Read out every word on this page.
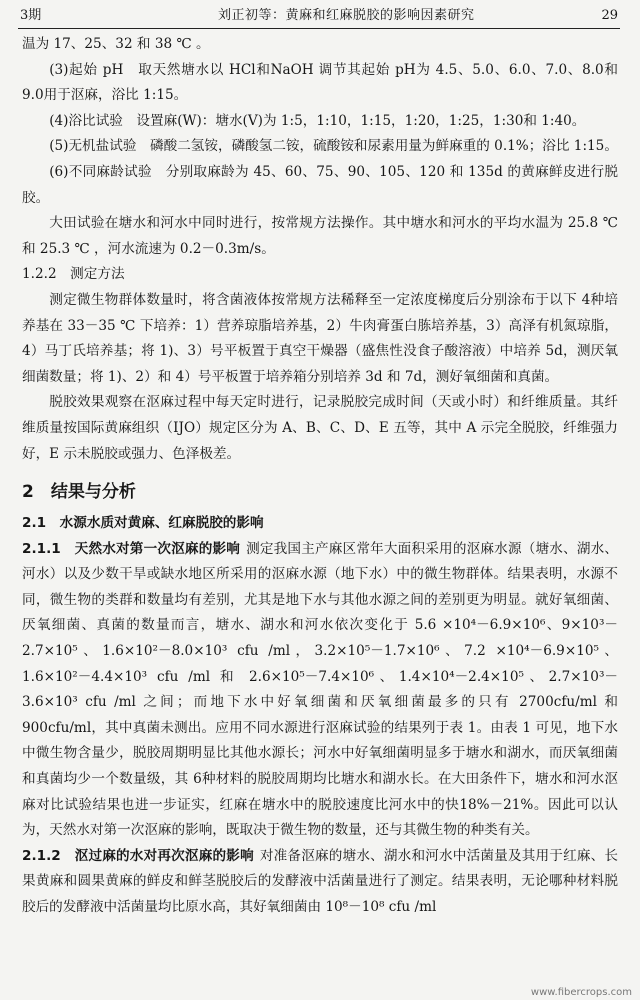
3期	刘正初等：黄麻和红麻脱胶的影响因素研究	29

温为 17、25、32 和 38 ℃ 。

(3)起始 pH　取天然塘水以 HCl和NaOH 调节其起始 pH为 4.5、5.0、6.0、7.0、8.0和 9.0用于沤麻，浴比 1:15。

(4)浴比试验　设置麻(W)：塘水(V)为 1:5，1:10，1:15，1:20，1:25，1:30和 1:40。

(5)无机盐试验　磷酸二氢铵，磷酸氢二铵，硫酸铵和尿素用量为鲜麻重的 0.1%；浴比 1:15。

(6)不同麻龄试验　分别取麻龄为 45、60、75、90、105、120 和 135d 的黄麻鲜皮进行脱胶。

大田试验在塘水和河水中同时进行，按常规方法操作。其中塘水和河水的平均水温为 25.8 ℃ 和 25.3 ℃ ，河水流速为 0.2－0.3m/s。

1.2.2　测定方法

测定微生物群体数量时，将含菌液体按常规方法稀释至一定浓度梯度后分别涂布于以下 4种培养基在 33－35 ℃ 下培养：1）营养琼脂培养基，2）牛肉膏蛋白胨培养基，3）高泽有机氮琼脂，4）马丁氏培养基；将 1)、3）号平板置于真空干燥器（盛焦性没食子酸溶液）中培养 5d，测厌氧细菌数量；将 1)、2）和 4）号平板置于培养箱分别培养 3d 和 7d，测好氧细菌和真菌。

脱胶效果观察在沤麻过程中每天定时进行，记录脱胶完成时间（天或小时）和纤维质量。其纤维质量按国际黄麻组织（IJO）规定区分为 A、B、C、D、E 五等，其中 A 示完全脱胶，纤维强力好，E 示未脱胶或强力、色泽极差。

2　结果与分析
2.1　水源水质对黄麻、红麻脱胶的影响

2.1.1　天然水对第一次沤麻的影响 测定我国主产麻区常年大面积采用的沤麻水源（塘水、湖水、河水）以及少数干旱或缺水地区所采用的沤麻水源（地下水）中的微生物群体。结果表明，水源不同，微生物的类群和数量均有差别，尤其是地下水与其他水源之间的差别更为明显。就好氧细菌、厌氧细菌、真菌的数量而言，塘水、湖水和河水依次变化于 5.6 ×10⁴－6.9×10⁶、9×10³－2.7×10⁵、1.6×10²－8.0×10³ cfu /ml，3.2×10⁵－1.7×10⁶、7.2 ×10⁴－6.9×10⁵、1.6×10²－4.4×10³ cfu /ml 和 2.6×10⁵－7.4×10⁶、1.4×10⁴－2.4×10⁵、2.7×10³－3.6×10³ cfu /ml 之间；而地下水中好氧细菌和厌氧细菌最多的只有 2700cfu/ml 和 900cfu/ml，其中真菌未测出。应用不同水源进行沤麻试验的结果列于表 1。由表 1 可见，地下水中微生物含量少，脱胶周期明显比其他水源长；河水中好氧细菌明显多于塘水和湖水，而厌氧细菌和真菌均少一个数量级，其 6种材料的脱胶周期均比塘水和湖水长。在大田条件下，塘水和河水沤麻对比试验结果也进一步证实，红麻在塘水中的脱胶速度比河水中的快18%－21%。因此可以认为，天然水对第一次沤麻的影响，既取决于微生物的数量，还与其微生物的种类有关。

2.1.2　沤过麻的水对再次沤麻的影响 对准备沤麻的塘水、湖水和河水中活菌量及其用于红麻、长果黄麻和圆果黄麻的鲜皮和鲜茎脱胶后的发酵液中活菌量进行了测定。结果表明，无论哪种材料脱胶后的发酵液中活菌量均比原水高，其好氧细菌由 10⁸－10⁸ cfu /ml

www.fibercrops.com
